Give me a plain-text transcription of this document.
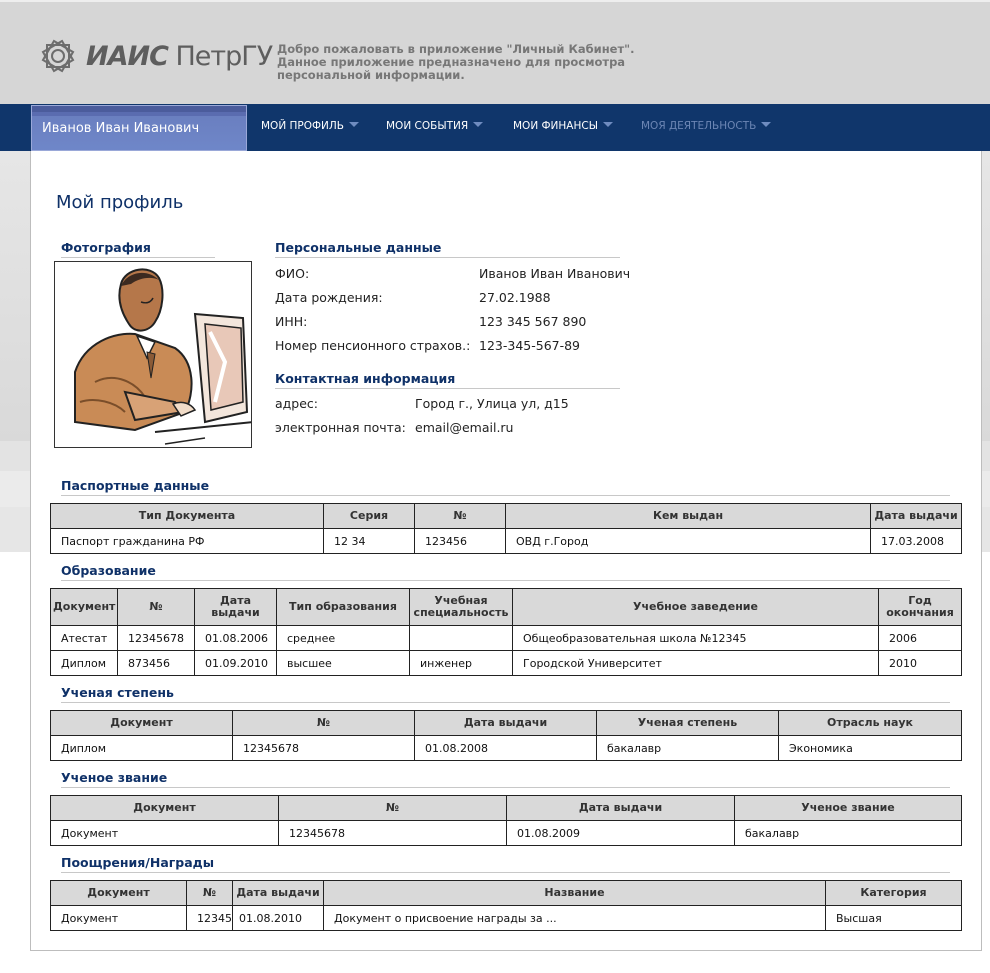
ИАИС ПетрГУ Добро пожаловать в приложение "Личный Кабинет".
Данное приложение предназначено для просмотра
персональной информации.
Иванов Иван Иванович	МОЙ ПРОФИЛЬ	МОИ СОБЫТИЯ	МОИ ФИНАНСЫ	МОЯ ДЕЯТЕЛЬНОСТЬ
Мой профиль
Фотография	Персональные данные
ФИО:	Иванов Иван Иванович
Дата рождения:	27.02.1988
ИНН:	123 345 567 890
Номер пенсионного страхов.: 123-345-567-89
Контактная информация
адрес:	Город г., Улица ул, д15
электронная почта: email@email.ru
Паспортные данные
Тип Документа	Серия	№	Кем выдан	Дата выдачи
Паспорт гражданина РФ	12 34	123456	ОВД г.Город	17.03.2008
Образование
Документ	№	Дата выдачи	Тип образования	Учебная специальность	Учебное заведение	Год окончания
Атестат	12345678	01.08.2006	среднее		Общеобразовательная школа №12345	2006
Диплом	873456	01.09.2010	высшее	инженер	Городской Университет	2010
Ученая степень
Документ	№	Дата выдачи	Ученая степень	Отрасль наук
Диплом	12345678	01.08.2008	бакалавр	Экономика
Ученое звание
Документ	№	Дата выдачи	Ученое звание
Документ	12345678	01.08.2009	бакалавр
Поощрения/Награды
Документ	№	Дата выдачи	Название	Категория
Документ	12345	01.08.2010	Документ о присвоение награды за ...	Высшая
